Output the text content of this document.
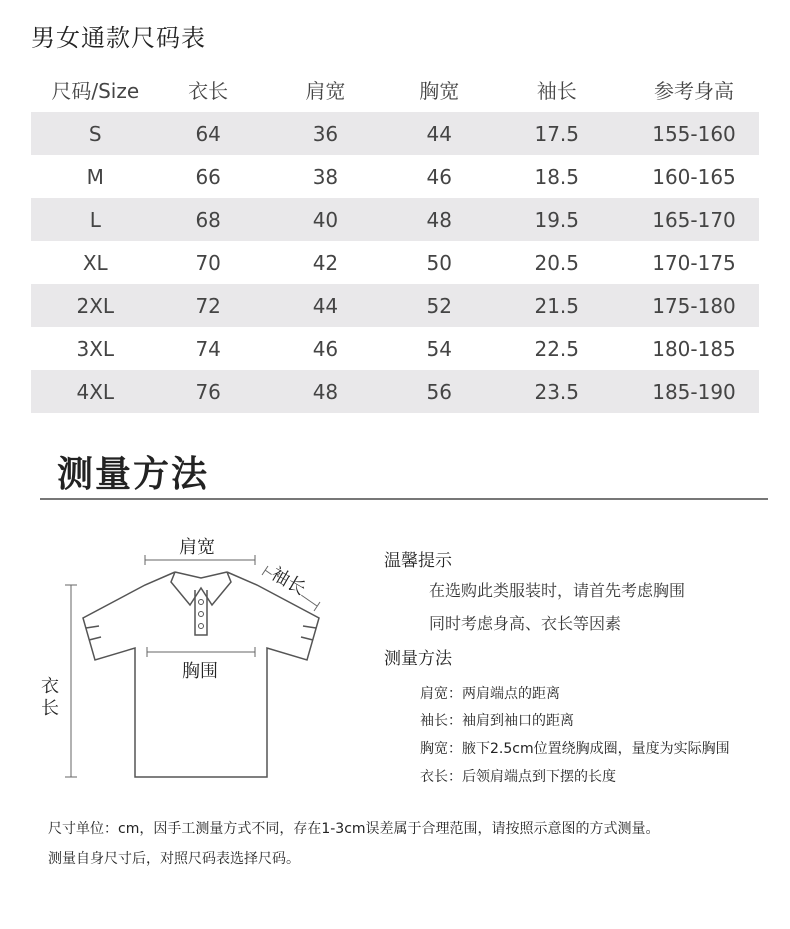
男女通款尺码表
尺码/Size	衣长	肩宽	胸宽	袖长	参考身高
S	64	36	44	17.5	155-160
M	66	38	46	18.5	160-165
L	68	40	48	19.5	165-170
XL	70	42	50	20.5	170-175
2XL	72	44	52	21.5	175-180
3XL	74	46	54	22.5	180-185
4XL	76	48	56	23.5	185-190
测量方法
肩宽
袖长
胸围
衣长
温馨提示
在选购此类服装时，请首先考虑胸围
同时考虑身高、衣长等因素
测量方法
肩宽：两肩端点的距离
袖长：袖肩到袖口的距离
胸宽：腋下2.5cm位置绕胸成圈，量度为实际胸围
衣长：后领肩端点到下摆的长度
尺寸单位：cm，因手工测量方式不同，存在1-3cm误差属于合理范围，请按照示意图的方式测量。
测量自身尺寸后，对照尺码表选择尺码。
